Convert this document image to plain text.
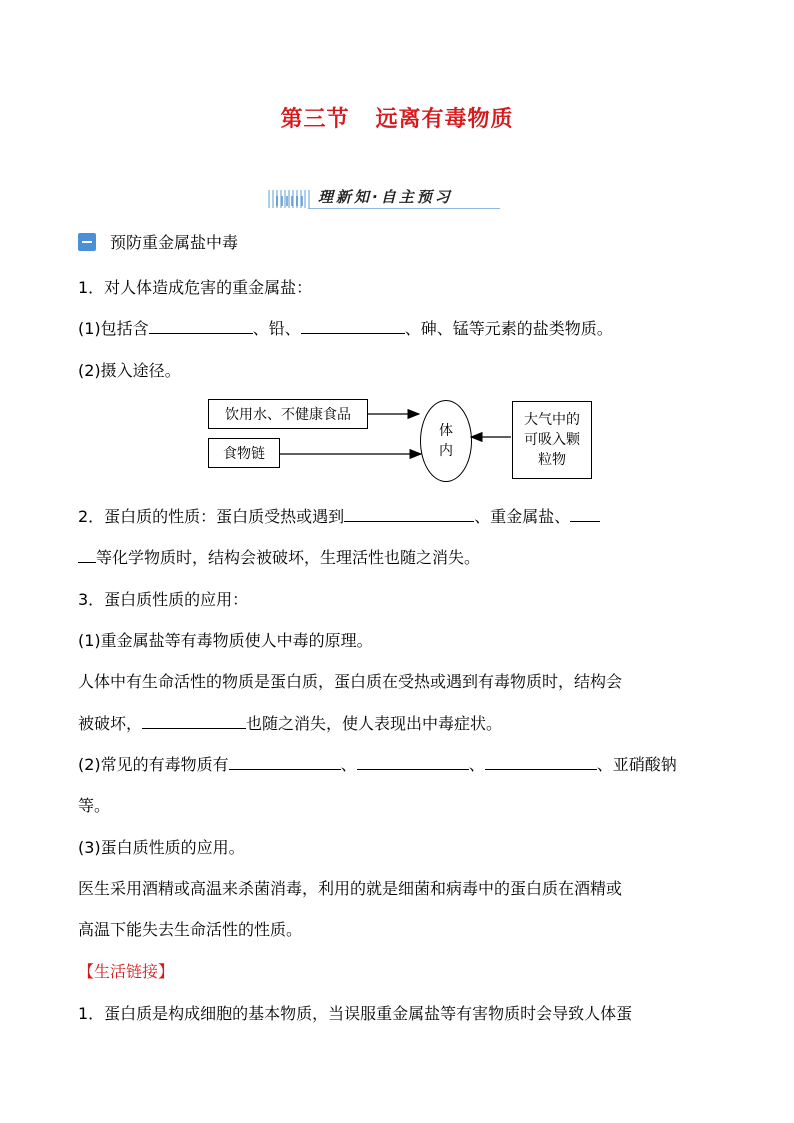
第三节 远离有毒物质
理新知·自主预习
预防重金属盐中毒
1．对人体造成危害的重金属盐：
(1)包括含	、铅、	、砷、锰等元素的盐类物质。
(2)摄入途径。
饮用水、不健康食品
食物链
体内
大气中的可吸入颗粒物
2．蛋白质的性质：蛋白质受热或遇到	、重金属盐、
等化学物质时，结构会被破坏，生理活性也随之消失。
3．蛋白质性质的应用：
(1)重金属盐等有毒物质使人中毒的原理。
人体中有生命活性的物质是蛋白质，蛋白质在受热或遇到有毒物质时，结构会
被破坏，	也随之消失，使人表现出中毒症状。
(2)常见的有毒物质有	、	、	、亚硝酸钠
等。
(3)蛋白质性质的应用。
医生采用酒精或高温来杀菌消毒，利用的就是细菌和病毒中的蛋白质在酒精或
高温下能失去生命活性的性质。
【生活链接】
1．蛋白质是构成细胞的基本物质，当误服重金属盐等有害物质时会导致人体蛋
